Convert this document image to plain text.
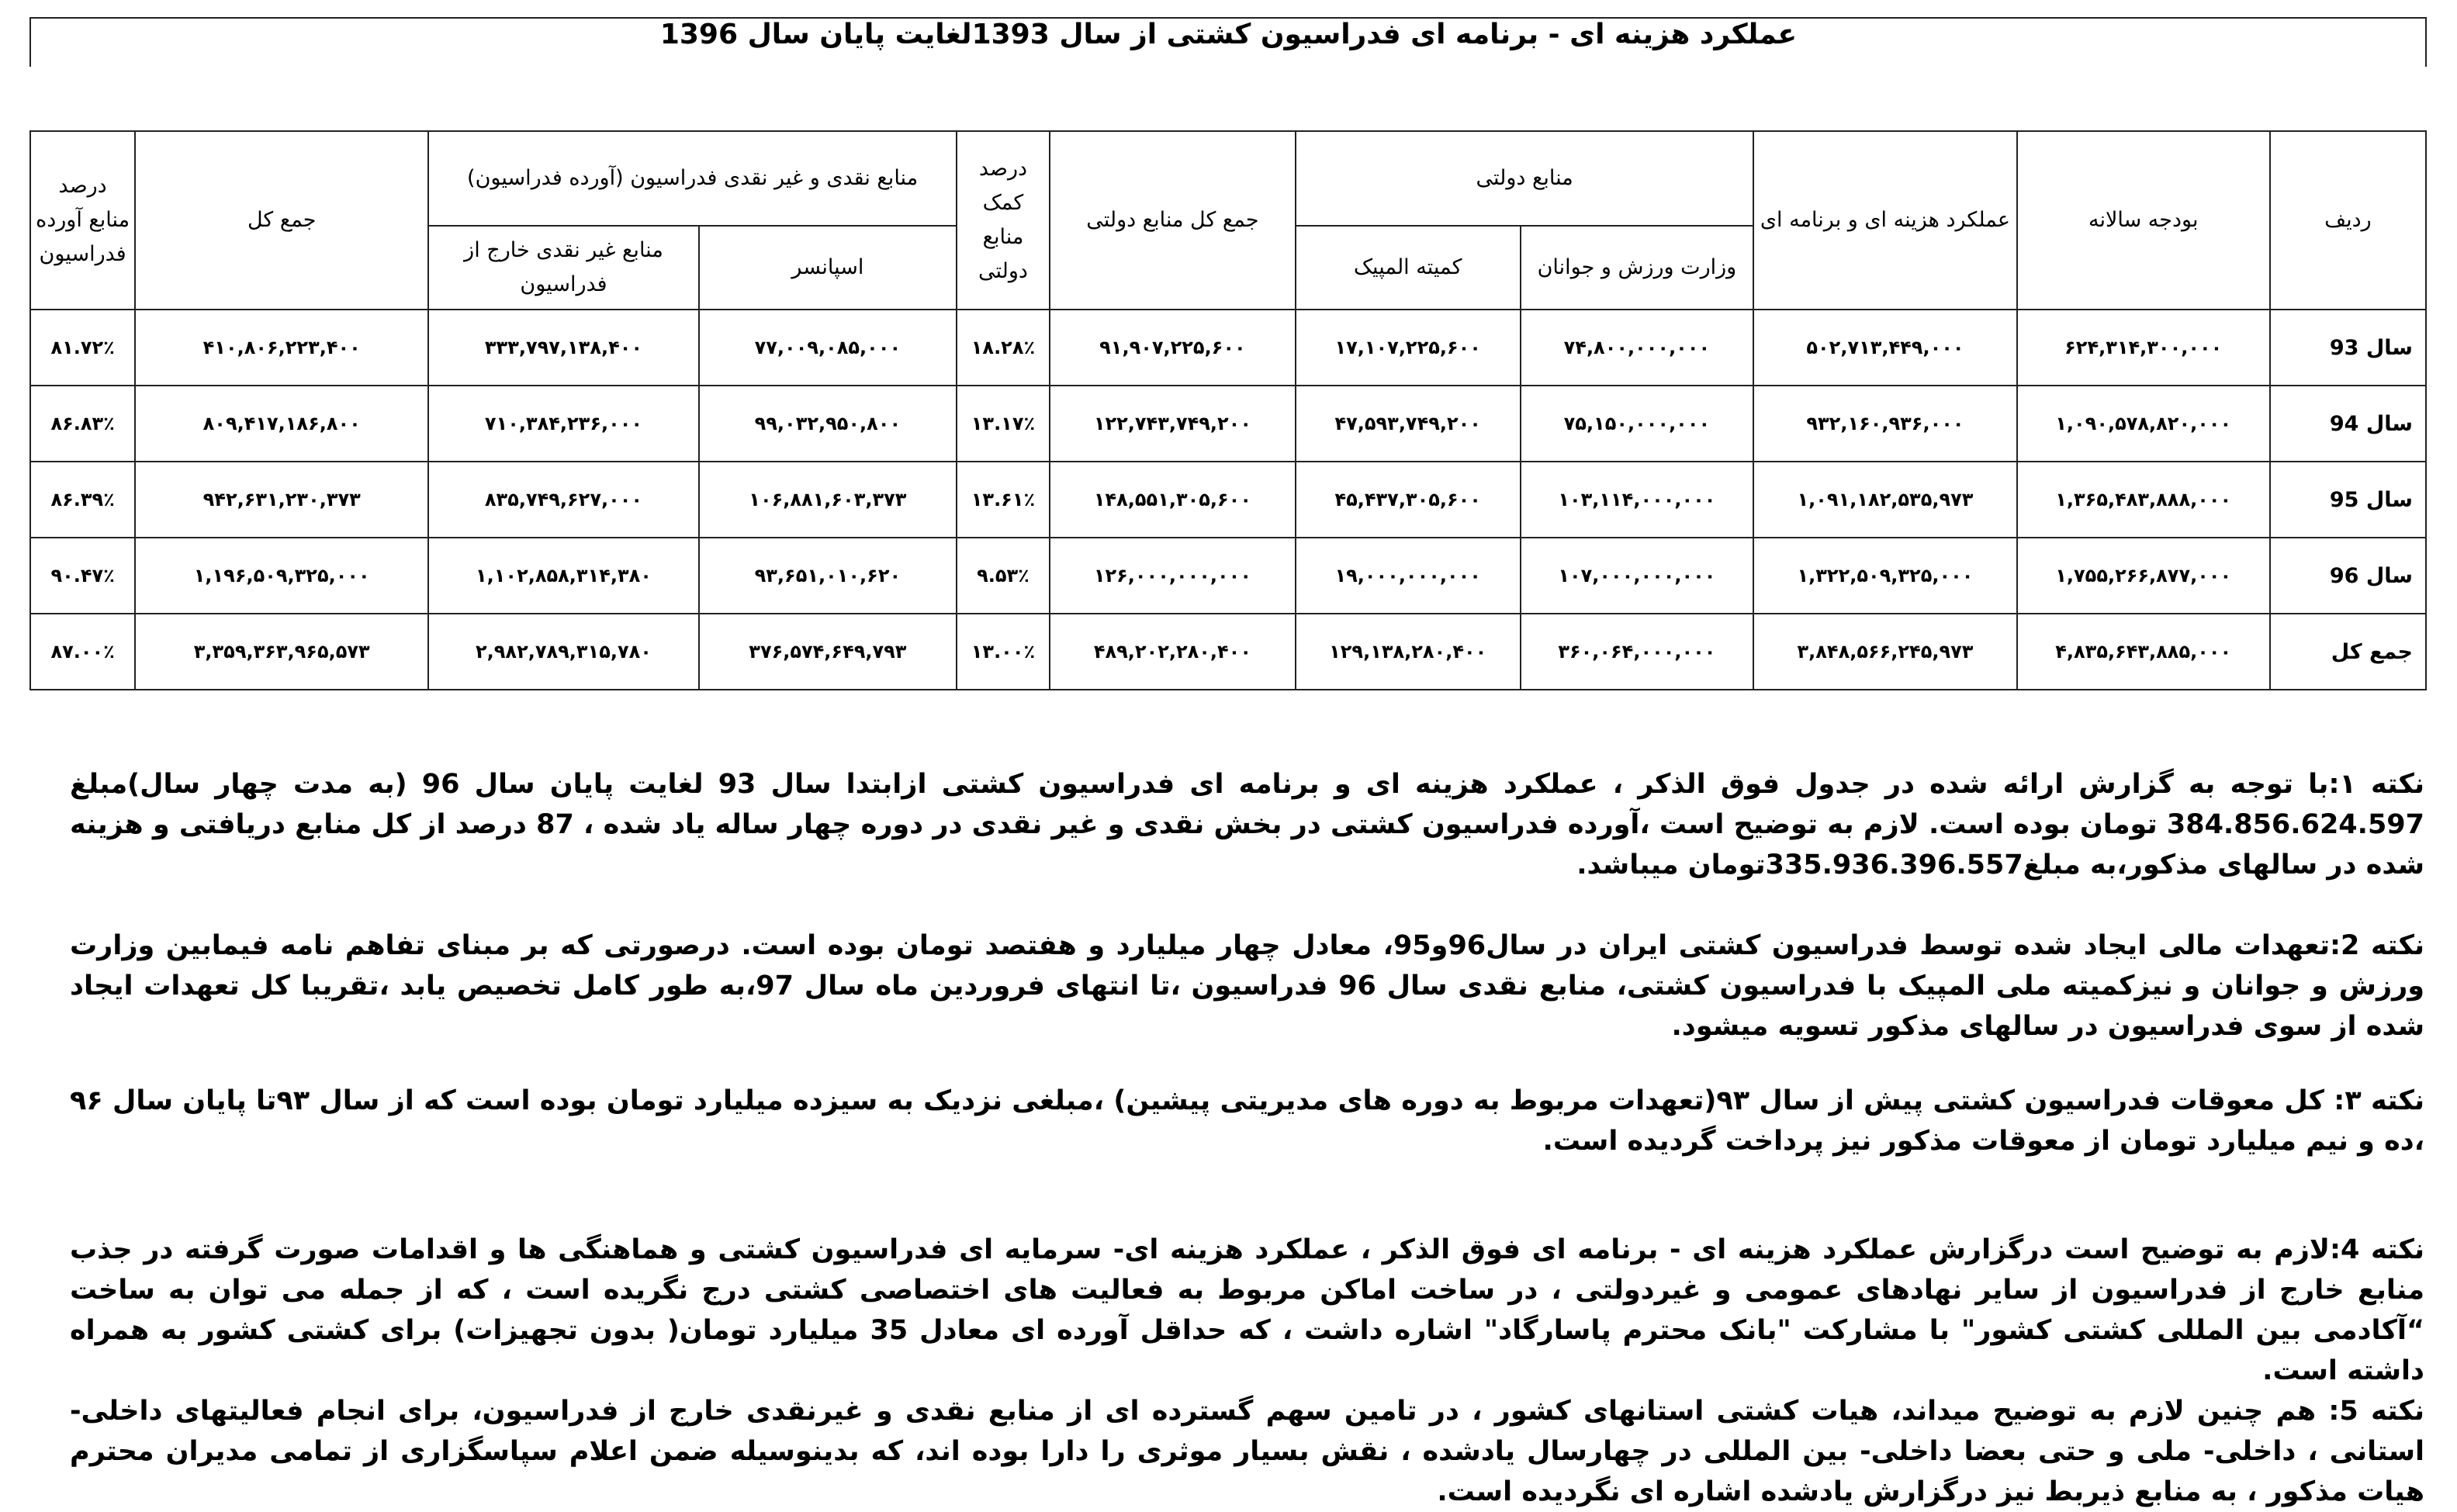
عملکرد هزینه ای - برنامه ای فدراسیون کشتی از سال 1393لغایت پایان سال 1396
ردیف	بودجه سالانه	عملکرد هزینه ای و برنامه ای	منابع دولتی		جمع کل منابع دولتی	درصد کمک منابع دولتی	منابع نقدی و غیر نقدی فدراسیون (آورده فدراسیون)		جمع کل	درصد منابع آورده فدراسیون
			وزارت ورزش و جوانان	کمیته المپیک			اسپانسر	منابع غیر نقدی خارج از فدراسیون		
سال 93	۶۲۴,۳۱۴,۳۰۰,۰۰۰	۵۰۲,۷۱۳,۴۴۹,۰۰۰	۷۴,۸۰۰,۰۰۰,۰۰۰	۱۷,۱۰۷,۲۲۵,۶۰۰	۹۱,۹۰۷,۲۲۵,۶۰۰	۱۸.۲۸٪	۷۷,۰۰۹,۰۸۵,۰۰۰	۳۳۳,۷۹۷,۱۳۸,۴۰۰	۴۱۰,۸۰۶,۲۲۳,۴۰۰	۸۱.۷۲٪
سال 94	۱,۰۹۰,۵۷۸,۸۲۰,۰۰۰	۹۳۲,۱۶۰,۹۳۶,۰۰۰	۷۵,۱۵۰,۰۰۰,۰۰۰	۴۷,۵۹۳,۷۴۹,۲۰۰	۱۲۲,۷۴۳,۷۴۹,۲۰۰	۱۳.۱۷٪	۹۹,۰۳۲,۹۵۰,۸۰۰	۷۱۰,۳۸۴,۲۳۶,۰۰۰	۸۰۹,۴۱۷,۱۸۶,۸۰۰	۸۶.۸۳٪
سال 95	۱,۳۶۵,۴۸۳,۸۸۸,۰۰۰	۱,۰۹۱,۱۸۲,۵۳۵,۹۷۳	۱۰۳,۱۱۴,۰۰۰,۰۰۰	۴۵,۴۳۷,۳۰۵,۶۰۰	۱۴۸,۵۵۱,۳۰۵,۶۰۰	۱۳.۶۱٪	۱۰۶,۸۸۱,۶۰۳,۳۷۳	۸۳۵,۷۴۹,۶۲۷,۰۰۰	۹۴۲,۶۳۱,۲۳۰,۳۷۳	۸۶.۳۹٪
سال 96	۱,۷۵۵,۲۶۶,۸۷۷,۰۰۰	۱,۳۲۲,۵۰۹,۳۲۵,۰۰۰	۱۰۷,۰۰۰,۰۰۰,۰۰۰	۱۹,۰۰۰,۰۰۰,۰۰۰	۱۲۶,۰۰۰,۰۰۰,۰۰۰	۹.۵۳٪	۹۳,۶۵۱,۰۱۰,۶۲۰	۱,۱۰۲,۸۵۸,۳۱۴,۳۸۰	۱,۱۹۶,۵۰۹,۳۲۵,۰۰۰	۹۰.۴۷٪
جمع کل	۴,۸۳۵,۶۴۳,۸۸۵,۰۰۰	۳,۸۴۸,۵۶۶,۲۴۵,۹۷۳	۳۶۰,۰۶۴,۰۰۰,۰۰۰	۱۲۹,۱۳۸,۲۸۰,۴۰۰	۴۸۹,۲۰۲,۲۸۰,۴۰۰	۱۳.۰۰٪	۳۷۶,۵۷۴,۶۴۹,۷۹۳	۲,۹۸۲,۷۸۹,۳۱۵,۷۸۰	۳,۳۵۹,۳۶۳,۹۶۵,۵۷۳	۸۷.۰۰٪

نکته ۱:با توجه به گزارش ارائه شده در جدول فوق الذکر ، عملکرد هزینه ای و برنامه ای فدراسیون کشتی ازابتدا سال 93 لغایت پایان سال 96 (به مدت چهار سال)مبلغ 384.856.624.597 تومان بوده است. لازم به توضیح است ،آورده فدراسیون کشتی در بخش نقدی و غیر نقدی در دوره چهار ساله یاد شده ، 87 درصد از کل منابع دریافتی و هزینه شده در سالهای مذکور،به مبلغ335.936.396.557تومان میباشد.

نکته 2:تعهدات مالی ایجاد شده توسط فدراسیون کشتی ایران در سال96و95، معادل چهار میلیارد و هفتصد تومان بوده است. درصورتی که بر مبنای تفاهم نامه فیمابین وزارت ورزش و جوانان و نیزکمیته ملی المپیک با فدراسیون کشتی، منابع نقدی سال 96 فدراسیون ،تا انتهای فروردین ماه سال 97،به طور کامل تخصیص یابد ،تقریبا کل تعهدات ایجاد شده از سوی فدراسیون در سالهای مذکور تسویه میشود.

نکته ۳: کل معوقات فدراسیون کشتی پیش از سال ۹۳(تعهدات مربوط به دوره های مدیریتی پیشین) ،مبلغی نزدیک به سیزده میلیارد تومان بوده است که از سال ۹۳تا پایان سال ۹۶ ،ده و نیم میلیارد تومان از معوقات مذکور نیز پرداخت گردیده است.

نکته 4:لازم به توضیح است درگزارش عملکرد هزینه ای - برنامه ای فوق الذکر ، عملکرد هزینه ای- سرمایه ای فدراسیون کشتی و هماهنگی ها و اقدامات صورت گرفته در جذب منابع خارج از فدراسیون از سایر نهادهای عمومی و غیردولتی ، در ساخت اماکن مربوط به فعالیت های اختصاصی کشتی درج نگریده است ، که از جمله می توان به ساخت “آکادمی بین المللی کشتی کشور" با مشارکت "بانک محترم پاسارگاد" اشاره داشت ، که حداقل آورده ای معادل 35 میلیارد تومان( بدون تجهیزات) برای کشتی کشور به همراه داشته است.

نکته 5: هم چنین لازم به توضیح میداند، هیات کشتی استانهای کشور ، در تامین سهم گسترده ای از منابع نقدی و غیرنقدی خارج از فدراسیون، برای انجام فعالیتهای داخلی- استانی ، داخلی- ملی و حتی بعضا داخلی- بین المللی در چهارسال یادشده ، نقش بسیار موثری را دارا بوده اند، که بدینوسیله ضمن اعلام سپاسگزاری از تمامی مدیران محترم هیات مذکور ، به منابع ذیربط نیز درگزارش یادشده اشاره ای نگردیده است.
